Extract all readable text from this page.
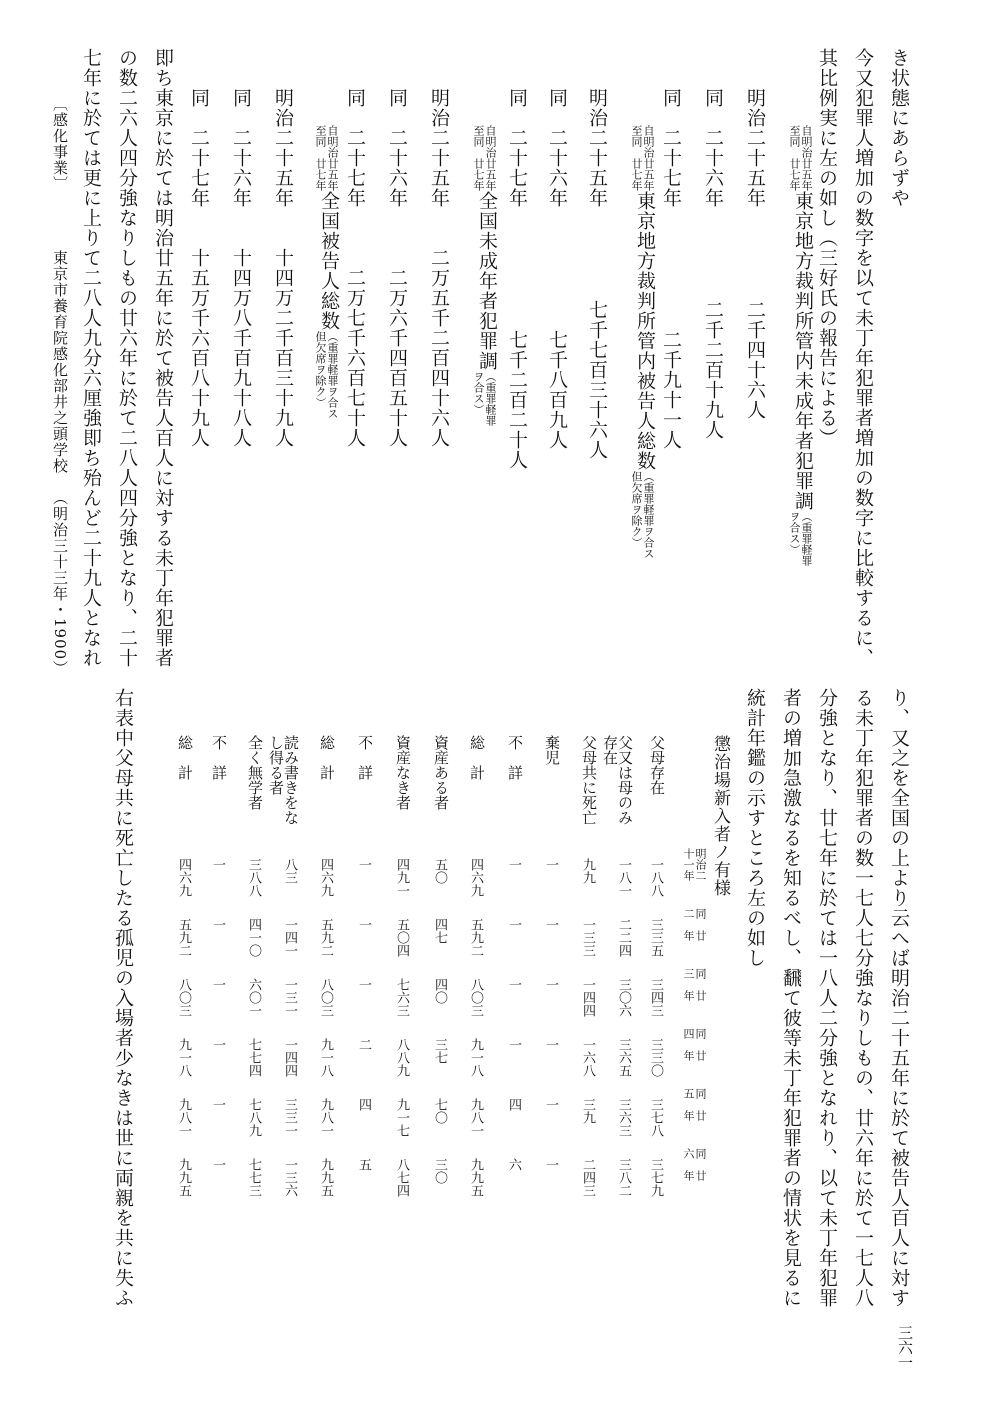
き状態にあらずや
今又犯罪人増加の数字を以て未丁年犯罪者増加の数字に比較するに、
其比例実に左の如し（三好氏の報告による）
自明治廿五年
至同　廿七年東京地方裁判所管内未成年者犯罪調（重罪軽罪
ヲ合ス）
明治二十五年
二千四十六人
同　二十六年
二千二百十九人
同　二十七年
二千九十一人
自明治廿五年
至同　廿七年東京地方裁判所管内被告人総数（重罪軽罪ヲ合ス
但欠席ヲ除ク）
明治二十五年
七千七百三十六人
同　二十六年
七千八百九人
同　二十七年
七千二百二十人
自明治廿五年
至同　廿七年全国未成年者犯罪調（重罪軽罪
ヲ合ス）
明治二十五年
二万五千二百四十六人
同　二十六年
二万六千四百五十人
同　二十七年
二万七千六百七十人
自明治廿五年
至同　廿七年全国被告人総数（重罪軽罪ヲ合ス
但欠席ヲ除ク）
明治二十五年
十四万二千百三十九人
同　二十六年
十四万八千百九十八人
同　二十七年
十五万千六百八十九人
即ち東京に於ては明治廿五年に於て被告人百人に対する未丁年犯罪者
の数二六人四分強なりしもの廿六年に於て二八人四分強となり、二十
七年に於ては更に上りて二八人九分六厘強即ち殆んど二十九人となれ
〔感化事業〕
東京市養育院感化部井之頭学校
（明治三十三年・1900）
り、又之を全国の上より云へば明治二十五年に於て被告人百人に対す
る未丁年犯罪者の数一七人七分強なりしもの、廿六年に於て一七人八
分強となり、廿七年に於ては一八人二分強となれり、以て未丁年犯罪
者の増加急激なるを知るべし、飜て彼等未丁年犯罪者の情状を見るに
統計年鑑の示すところ左の如し
懲治場新入者ノ有様
明治二
十一年
同　廿
二　年
同　廿
三　年
同　廿
四　年
同　廿
五　年
同　廿
六　年
父母存在
一八八
三三五
三四三
三三〇
三七八
三七九
父又は母のみ存在
一八一
二二四
三〇六
三六五
三六三
三八二
父母共に死亡
九九
一三三
一四四
一六八
三九
二四三
棄児
一
一
一
一
一
一
不　詳
一
一
一
一
四
六
総　計
四六九
五九二
八〇三
九一八
九八一
九九五
資産ある者
五〇
四七
四〇
三七
七〇
三〇
資産なき者
四九一
五〇四
七六三
八八九
九一七
八七四
不　詳
一
一
一
二
四
五
総　計
四六九
五九二
八〇三
九一八
九八一
九九五
読み書きをなし得る者
八三
一四一
一三一
一四四
三三一
一三六
全く無学者
三八八
四一〇
六〇一
七七四
七八九
七七三
不　詳
一
一
一
一
一
一
総　計
四六九
五九二
八〇三
九一八
九八一
九九五
右表中父母共に死亡したる孤児の入場者少なきは世に両親を共に失ふ
三六一
